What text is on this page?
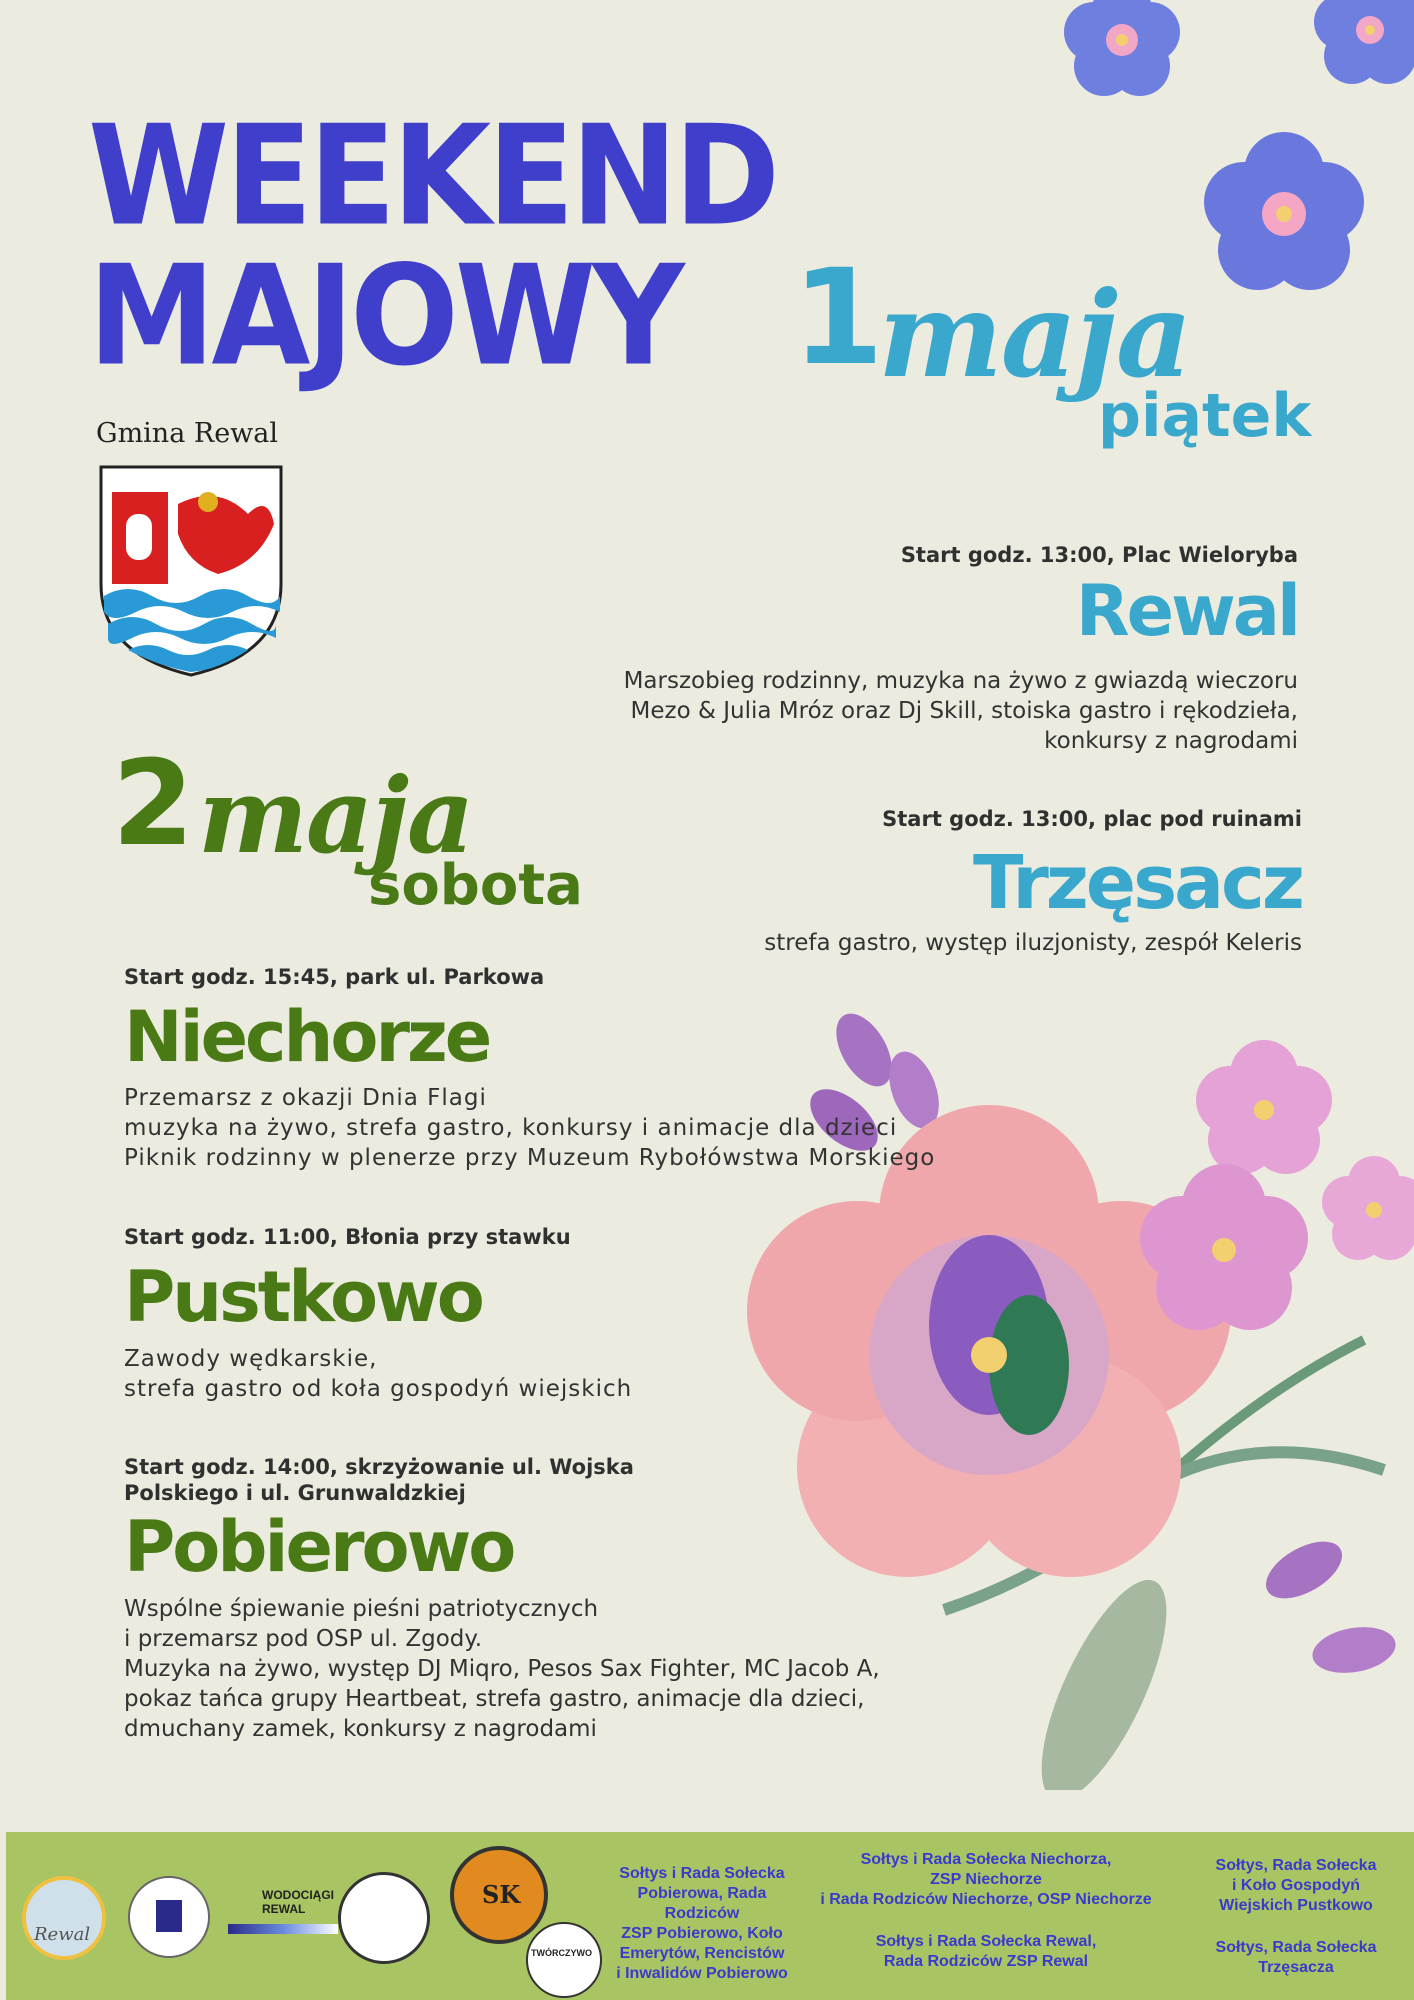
WEEKEND
MAJOWY
Gmina Rewal
1 maja
piątek
2 maja
sobota
Start godz. 13:00, Plac Wieloryba
Rewal
Marszobieg rodzinny, muzyka na żywo z gwiazdą wieczoru
Mezo & Julia Mróz oraz Dj Skill, stoiska gastro i rękodzieła,
konkursy z nagrodami
Start godz. 13:00, plac pod ruinami
Trzęsacz
strefa gastro, występ iluzjonisty, zespół Keleris
Start godz. 15:45, park ul. Parkowa
Niechorze
Przemarsz z okazji Dnia Flagi
muzyka na żywo, strefa gastro, konkursy i animacje dla dzieci
Piknik rodzinny w plenerze przy Muzeum Rybołówstwa Morskiego
Start godz. 11:00, Błonia przy stawku
Pustkowo
Zawody wędkarskie,
strefa gastro od koła gospodyń wiejskich
Start godz. 14:00, skrzyżowanie ul. Wojska
Polskiego i ul. Grunwaldzkiej
Pobierowo
Wspólne śpiewanie pieśni patriotycznych
i przemarsz pod OSP ul. Zgody.
Muzyka na żywo, występ DJ Miqro, Pesos Sax Fighter, MC Jacob A,
pokaz tańca grupy Heartbeat, strefa gastro, animacje dla dzieci,
dmuchany zamek, konkursy z nagrodami
Rewal
WODOCIĄGI
REWAL	SK
TWÓRCZYWO
Sołtys i Rada Sołecka
Pobierowa, Rada Rodziców
ZSP Pobierowo, Koło
Emerytów, Rencistów
i Inwalidów Pobierowo
Sołtys i Rada Sołecka Niechorza,
ZSP Niechorze
i Rada Rodziców Niechorze, OSP Niechorze
Sołtys i Rada Sołecka Rewal,
Rada Rodziców ZSP Rewal
Sołtys, Rada Sołecka
i Koło Gospodyń
Wiejskich Pustkowo
Sołtys, Rada Sołecka
Trzęsacza
